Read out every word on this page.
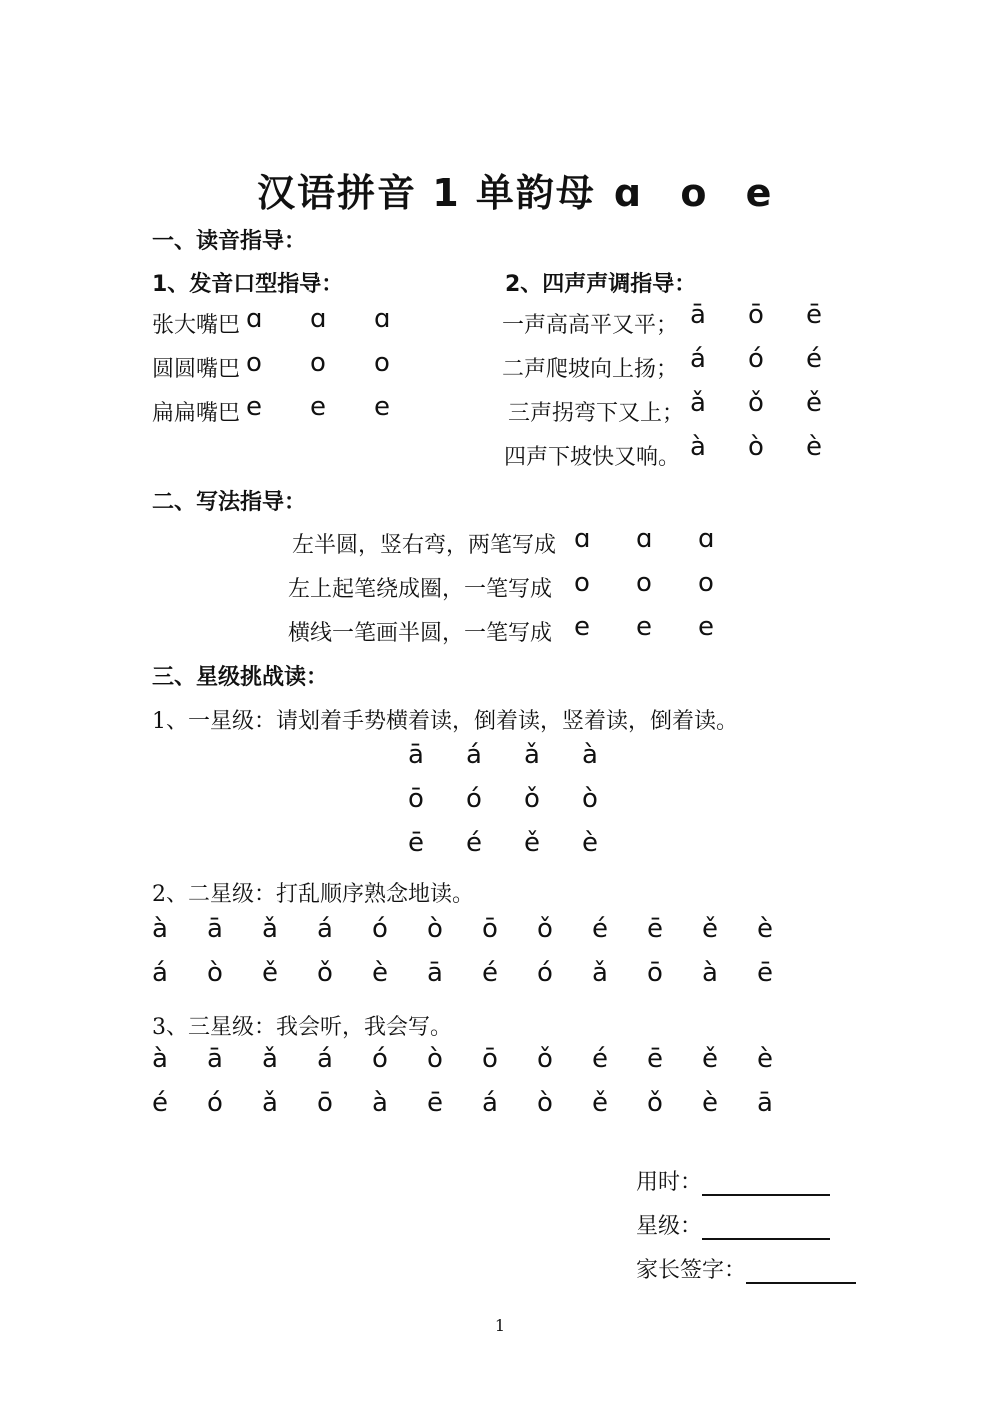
汉语拼音 1 单韵母 ɑ o e

一、读音指导：
1、发音口型指导：	2、四声声调指导：
张大嘴巴 ɑ ɑ ɑ
圆圆嘴巴 o o o
扁扁嘴巴 e e e
一声高高平又平； ā ō ē
二声爬坡向上扬； á ó é
三声拐弯下又上； ǎ ǒ ě
四声下坡快又响。 à ò è
二、写法指导：
左半圆，竖右弯，两笔写成 ɑ ɑ ɑ
左上起笔绕成圈，一笔写成 o o o
横线一笔画半圆，一笔写成 e e e
三、星级挑战读：
1、一星级：请划着手势横着读，倒着读，竖着读，倒着读。
ā á ǎ à
ō ó ǒ ò
ē é ě è
2、二星级：打乱顺序熟念地读。
à ā ǎ á ó ò ō ǒ é ē ě è
á ò ě ǒ è ā é ó ǎ ō à ē
3、三星级：我会听，我会写。
à ā ǎ á ó ò ō ǒ é ē ě è
é ó ǎ ō à ē á ò ě ǒ è ā

用时：

星级：

家长签字：

1
